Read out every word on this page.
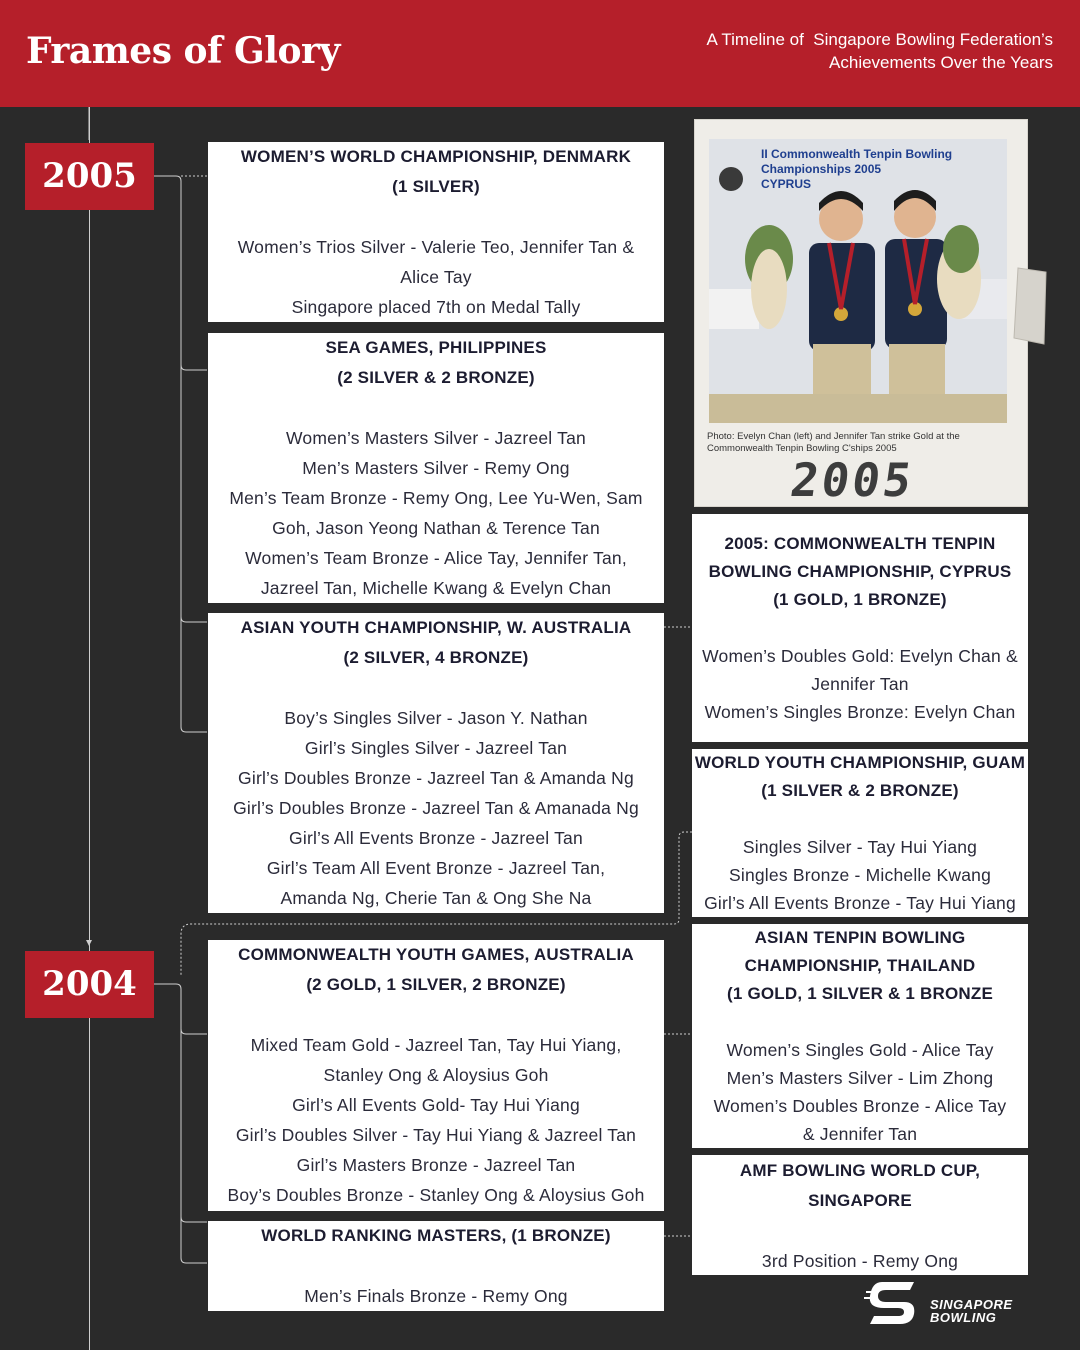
Frames of Glory	A Timeline of  Singapore Bowling Federation’s
Achievements Over the Years
2005
2004
WOMEN’S WORLD CHAMPIONSHIP, DENMARK
(1 SILVER)

Women’s Trios Silver - Valerie Teo, Jennifer Tan &

Alice Tay

Singapore placed 7th on Medal Tally

SEA GAMES, PHILIPPINES
(2 SILVER & 2 BRONZE)

Women’s Masters Silver - Jazreel Tan

Men’s Masters Silver - Remy Ong

Men’s Team Bronze - Remy Ong, Lee Yu-Wen, Sam

Goh, Jason Yeong Nathan & Terence Tan

Women’s Team Bronze - Alice Tay, Jennifer Tan,

Jazreel Tan, Michelle Kwang & Evelyn Chan

ASIAN YOUTH CHAMPIONSHIP, W. AUSTRALIA
(2 SILVER, 4 BRONZE)

Boy’s Singles Silver - Jason Y. Nathan

Girl’s Singles Silver - Jazreel Tan

Girl’s Doubles Bronze - Jazreel Tan & Amanda Ng

Girl’s Doubles Bronze - Jazreel Tan & Amanada Ng

Girl’s All Events Bronze - Jazreel Tan

Girl’s Team All Event Bronze - Jazreel Tan,

Amanda Ng, Cherie Tan & Ong She Na

COMMONWEALTH YOUTH GAMES, AUSTRALIA
(2 GOLD, 1 SILVER, 2 BRONZE)

Mixed Team Gold - Jazreel Tan, Tay Hui Yiang,

Stanley Ong & Aloysius Goh

Girl’s All Events Gold- Tay Hui Yiang

Girl’s Doubles Silver - Tay Hui Yiang & Jazreel Tan

Girl’s Masters Bronze - Jazreel Tan

Boy’s Doubles Bronze - Stanley Ong & Aloysius Goh

WORLD RANKING MASTERS, (1 BRONZE)

Men’s Finals Bronze - Remy Ong

II Commonwealth Tenpin Bowling
Championships 2005
CYPRUS
Photo: Evelyn Chan (left) and Jennifer Tan strike Gold at the
Commonwealth Tenpin Bowling C'ships 2005
2005
2005: COMMONWEALTH TENPIN
BOWLING CHAMPIONSHIP, CYPRUS
(1 GOLD, 1 BRONZE)

Women’s Doubles Gold: Evelyn Chan &

Jennifer Tan

Women’s Singles Bronze: Evelyn Chan

WORLD YOUTH CHAMPIONSHIP, GUAM
(1 SILVER & 2 BRONZE)

Singles Silver - Tay Hui Yiang

Singles Bronze - Michelle Kwang

Girl’s All Events Bronze - Tay Hui Yiang

ASIAN TENPIN BOWLING
CHAMPIONSHIP, THAILAND
(1 GOLD, 1 SILVER & 1 BRONZE

Women’s Singles Gold - Alice Tay

Men’s Masters Silver - Lim Zhong

Women’s Doubles Bronze - Alice Tay

& Jennifer Tan

AMF BOWLING WORLD CUP,
SINGAPORE

3rd Position - Remy Ong

SINGAPORE
BOWLING
